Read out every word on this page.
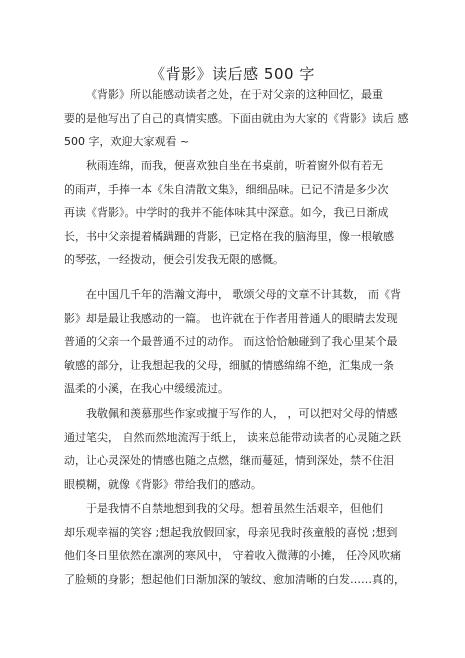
《背影》读后感 500 字
《背影》所以能感动读者之处，在于对父亲的这种回忆，最重
要的是他写出了自己的真情实感。下面由就由为大家的《背影》读后 感
500 字，欢迎大家观看 ~
秋雨连绵，而我，便喜欢独自坐在书桌前，听着窗外似有若无
的雨声，手捧一本《朱自清散文集》，细细品味。已记不清是多少次
再读《背影》。中学时的我并不能体味其中深意。如今，我已日渐成
长，书中父亲提着橘蹒跚的背影，已定格在我的脑海里，像一根敏感
的琴弦，一经拨动，便会引发我无限的感慨。
在中国几千年的浩瀚文海中， 歌颂父母的文章不计其数， 而《背
影》却是最让我感动的一篇。 也许就在于作者用普通人的眼睛去发现
普通的父亲一个最普通不过的动作。 而这恰恰触碰到了我心里某个最
敏感的部分，让我想起我的父母，细腻的情感绵绵不绝，汇集成一条
温柔的小溪，在我心中缓缓流过。
我敬佩和羡慕那些作家或擅于写作的人， ，可以把对父母的情感
通过笔尖， 自然而然地流泻于纸上， 读来总能带动读者的心灵随之跃
动，让心灵深处的情感也随之点燃，继而蔓延，情到深处，禁不住泪
眼模糊，就像《背影》带给我们的感动。
于是我情不自禁地想到我的父母。想着虽然生活艰辛，但他们
却乐观幸福的笑容 ;想起我放假回家，母亲见我时孩童般的喜悦 ;想到
他们冬日里依然在凛冽的寒风中， 守着收入微薄的小摊， 任冷风吹痛
了脸颊的身影；想起他们日渐加深的皱纹、愈加清晰的白发……真的，
